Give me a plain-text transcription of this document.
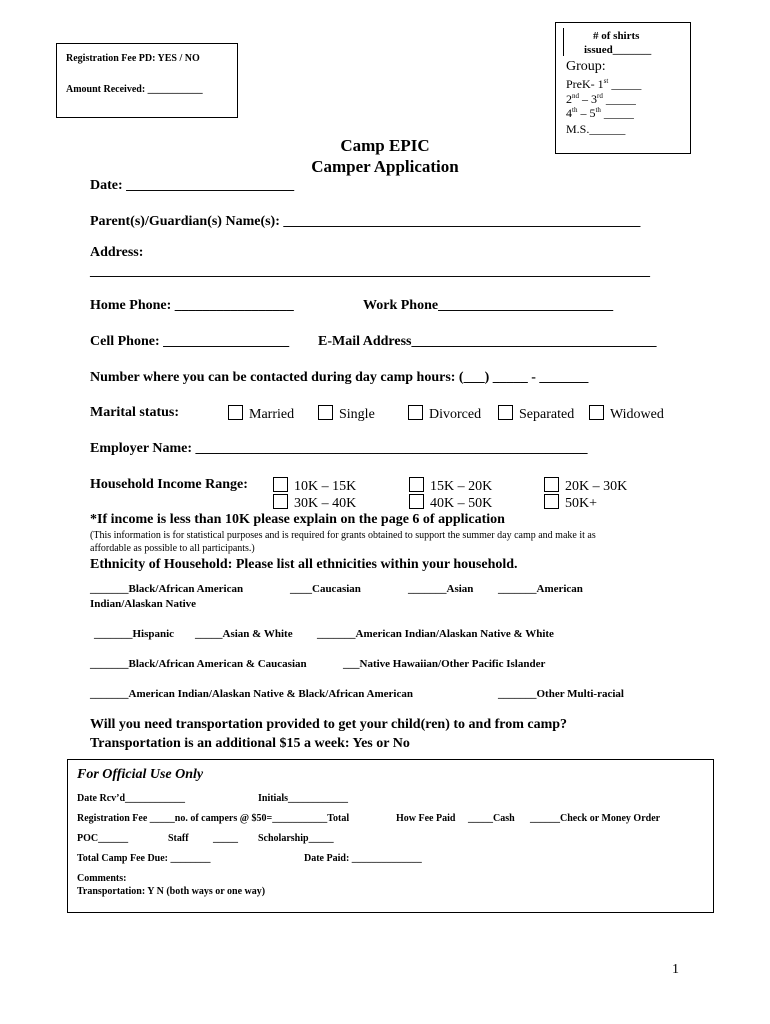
Registration Fee PD: YES / NO
Amount Received: ___________
# of shirts
issued_______
Group:
PreK- 1st _____
2nd – 3rd _____
4th – 5th _____
M.S.______
Camp EPIC
Camper Application
Date: ________________________
Parent(s)/Guardian(s) Name(s): ___________________________________________________
Address:
________________________________________________________________________________
Home Phone: _________________	Work Phone_________________________
Cell Phone: __________________ E-Mail Address___________________________________
Number where you can be contacted during day camp hours: (___) _____ - _______
Marital status:	Married	Single	Divorced	Separated	Widowed
Employer Name: ________________________________________________________
Household Income Range:	10K – 15K	15K – 20K	20K – 30K
30K – 40K	40K – 50K	50K+
*If income is less than 10K please explain on the page 6 of application
(This information is for statistical purposes and is required for grants obtained to support the summer day camp and make it as
affordable as possible to all participants.)
Ethnicity of Household: Please list all ethnicities within your household.
_______Black/African American	____Caucasian	_______Asian _______American
Indian/Alaskan Native
_______Hispanic _____Asian & White _______American Indian/Alaskan Native & White
_______Black/African American & Caucasian	___Native Hawaiian/Other Pacific Islander
_______American Indian/Alaskan Native & Black/African American	_______Other Multi-racial
Will you need transportation provided to get your child(ren) to and from camp?
Transportation is an additional $15 a week: Yes or No
For Official Use Only
Date Rcv’d____________	Initials____________
Registration Fee _____no. of campers @ $50=___________Total	How Fee Paid _____Cash ______Check or Money Order
POC______	Staff _____ Scholarship_____
Total Camp Fee Due: ________	Date Paid: ______________
Comments:
Transportation: Y N (both ways or one way)
1
